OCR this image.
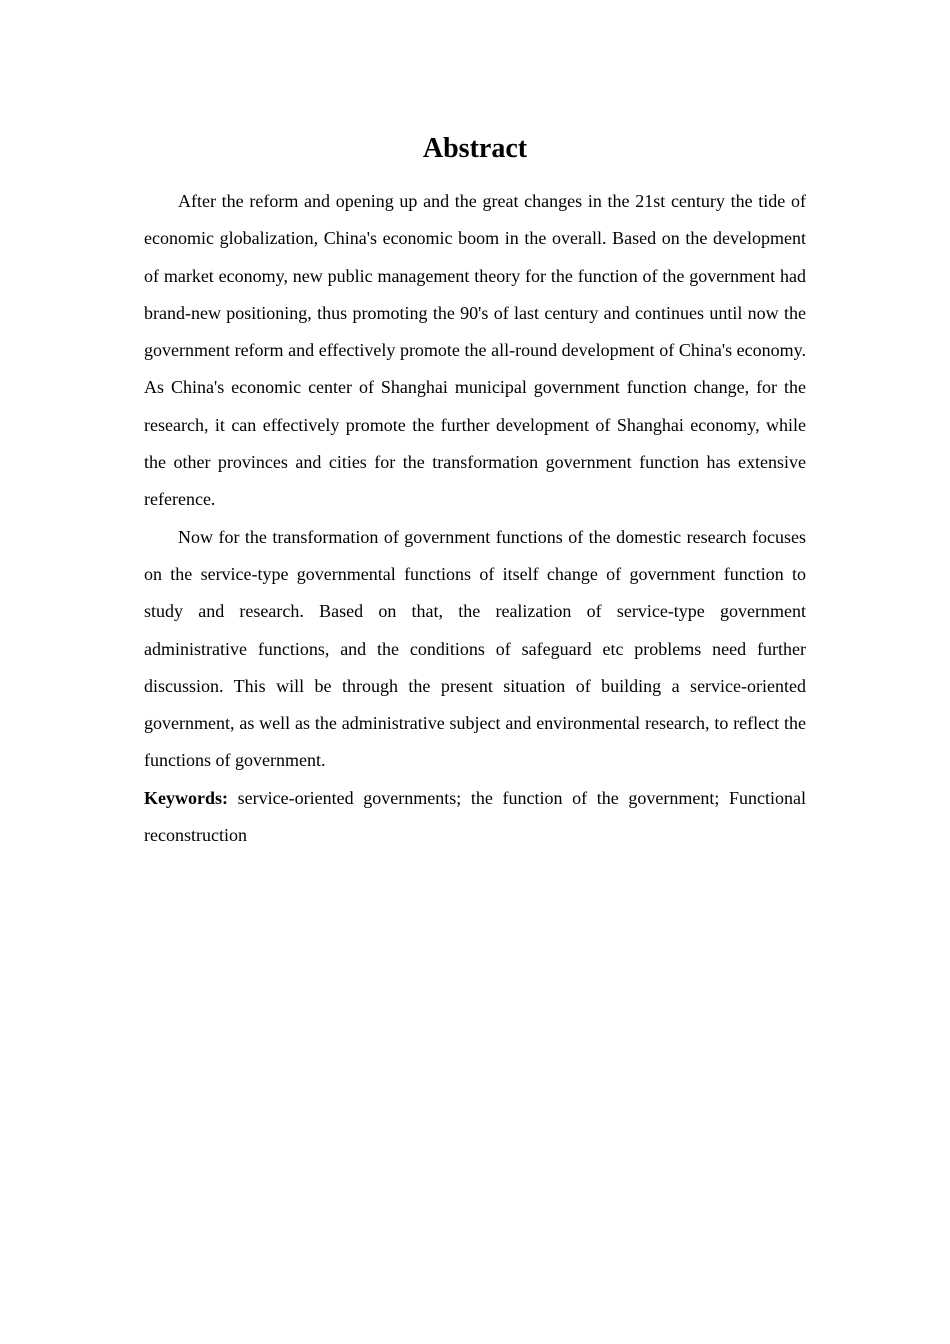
Abstract

After the reform and opening up and the great changes in the 21st century the tide of economic globalization, China's economic boom in the overall. Based on the development of market economy, new public management theory for the function of the government had brand-new positioning, thus promoting the 90's of last century and continues until now the government reform and effectively promote the all-round development of China's economy. As China's economic center of Shanghai municipal government function change, for the research, it can effectively promote the further development of Shanghai economy, while the other provinces and cities for the transformation government function has extensive reference.

Now for the transformation of government functions of the domestic research focuses on the service-type governmental functions of itself change of government function to study and research. Based on that, the realization of service-type government administrative functions, and the conditions of safeguard etc problems need further discussion. This will be through the present situation of building a service-oriented government, as well as the administrative subject and environmental research, to reflect the functions of government.

Keywords: service-oriented governments; the function of the government; Functional reconstruction
